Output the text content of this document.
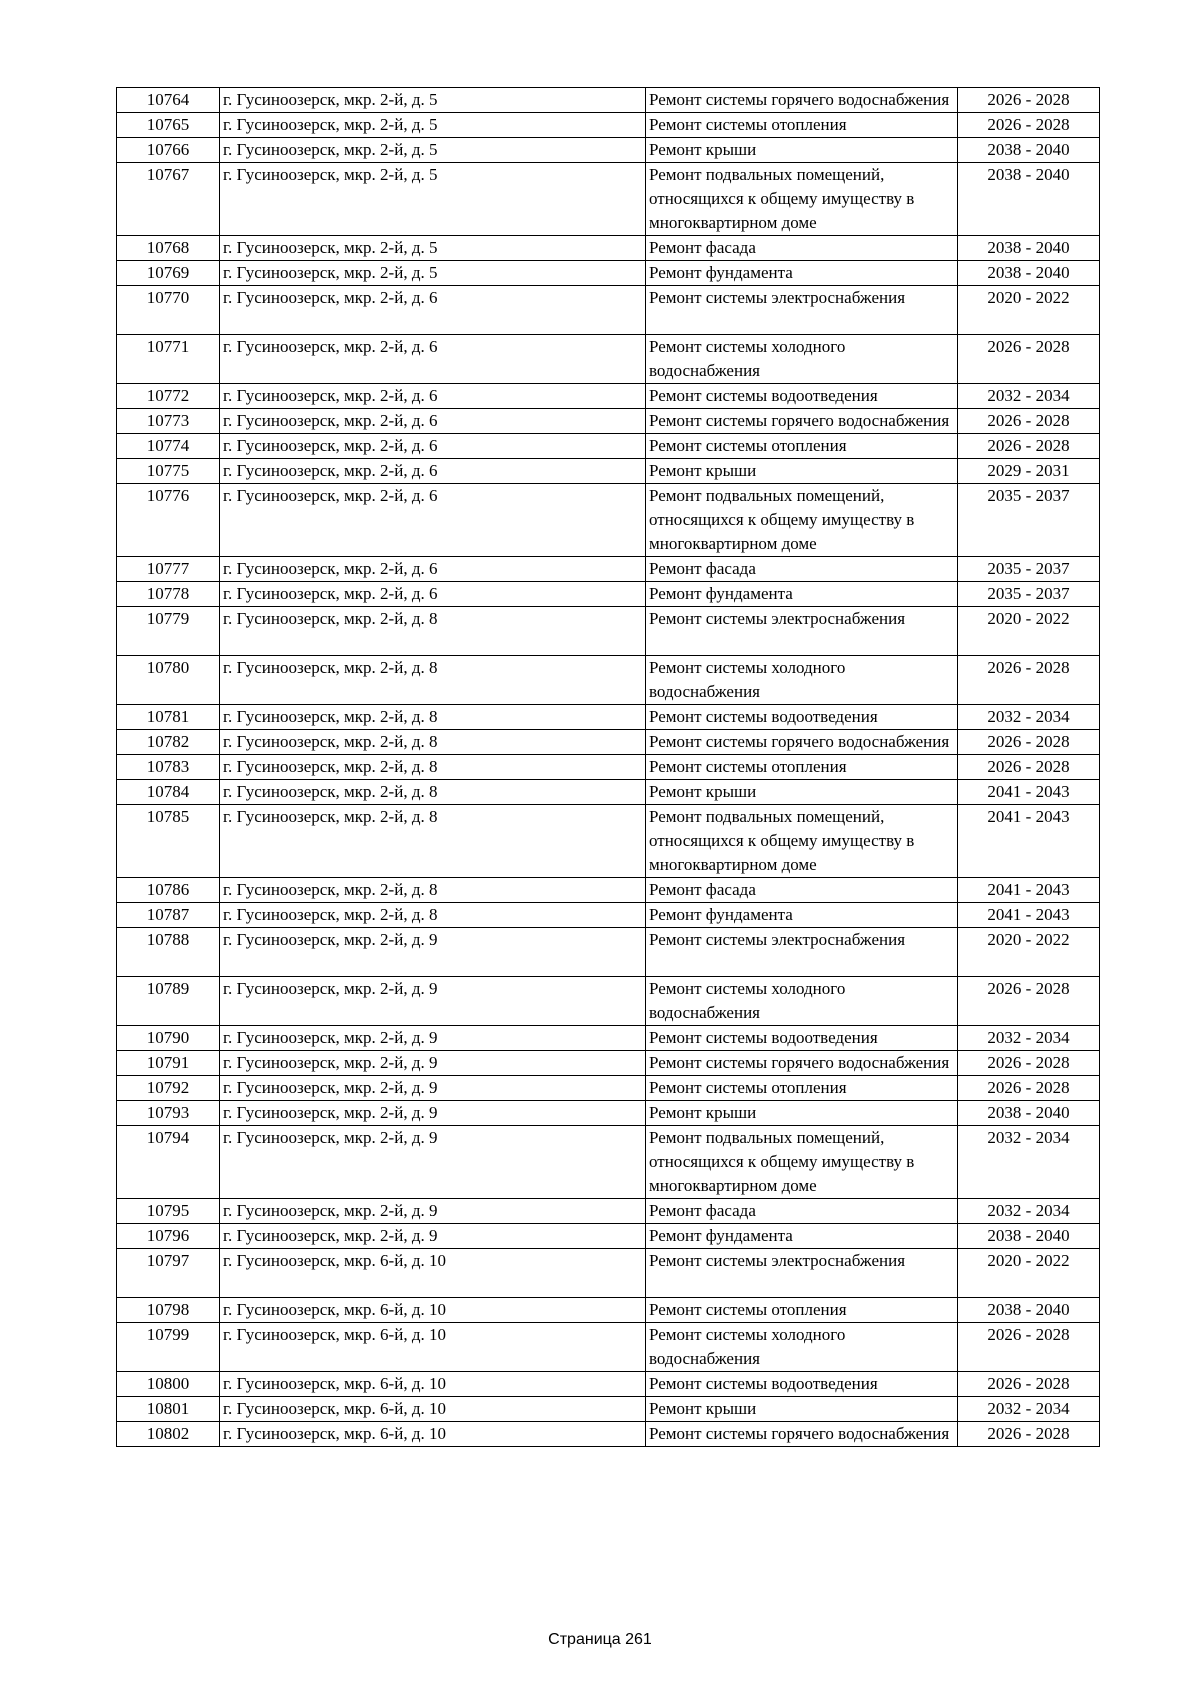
10764	г. Гусиноозерск, мкр. 2-й, д. 5	Ремонт системы горячего водоснабжения	2026 - 2028
10765	г. Гусиноозерск, мкр. 2-й, д. 5	Ремонт системы отопления	2026 - 2028
10766	г. Гусиноозерск, мкр. 2-й, д. 5	Ремонт крыши	2038 - 2040
10767	г. Гусиноозерск, мкр. 2-й, д. 5	Ремонт подвальных помещений, относящихся к общему имуществу в многоквартирном доме	2038 - 2040
10768	г. Гусиноозерск, мкр. 2-й, д. 5	Ремонт фасада	2038 - 2040
10769	г. Гусиноозерск, мкр. 2-й, д. 5	Ремонт фундамента	2038 - 2040
10770	г. Гусиноозерск, мкр. 2-й, д. 6	Ремонт системы электроснабжения	2020 - 2022
10771	г. Гусиноозерск, мкр. 2-й, д. 6	Ремонт системы холодного водоснабжения	2026 - 2028
10772	г. Гусиноозерск, мкр. 2-й, д. 6	Ремонт системы водоотведения	2032 - 2034
10773	г. Гусиноозерск, мкр. 2-й, д. 6	Ремонт системы горячего водоснабжения	2026 - 2028
10774	г. Гусиноозерск, мкр. 2-й, д. 6	Ремонт системы отопления	2026 - 2028
10775	г. Гусиноозерск, мкр. 2-й, д. 6	Ремонт крыши	2029 - 2031
10776	г. Гусиноозерск, мкр. 2-й, д. 6	Ремонт подвальных помещений, относящихся к общему имуществу в многоквартирном доме	2035 - 2037
10777	г. Гусиноозерск, мкр. 2-й, д. 6	Ремонт фасада	2035 - 2037
10778	г. Гусиноозерск, мкр. 2-й, д. 6	Ремонт фундамента	2035 - 2037
10779	г. Гусиноозерск, мкр. 2-й, д. 8	Ремонт системы электроснабжения	2020 - 2022
10780	г. Гусиноозерск, мкр. 2-й, д. 8	Ремонт системы холодного водоснабжения	2026 - 2028
10781	г. Гусиноозерск, мкр. 2-й, д. 8	Ремонт системы водоотведения	2032 - 2034
10782	г. Гусиноозерск, мкр. 2-й, д. 8	Ремонт системы горячего водоснабжения	2026 - 2028
10783	г. Гусиноозерск, мкр. 2-й, д. 8	Ремонт системы отопления	2026 - 2028
10784	г. Гусиноозерск, мкр. 2-й, д. 8	Ремонт крыши	2041 - 2043
10785	г. Гусиноозерск, мкр. 2-й, д. 8	Ремонт подвальных помещений, относящихся к общему имуществу в многоквартирном доме	2041 - 2043
10786	г. Гусиноозерск, мкр. 2-й, д. 8	Ремонт фасада	2041 - 2043
10787	г. Гусиноозерск, мкр. 2-й, д. 8	Ремонт фундамента	2041 - 2043
10788	г. Гусиноозерск, мкр. 2-й, д. 9	Ремонт системы электроснабжения	2020 - 2022
10789	г. Гусиноозерск, мкр. 2-й, д. 9	Ремонт системы холодного водоснабжения	2026 - 2028
10790	г. Гусиноозерск, мкр. 2-й, д. 9	Ремонт системы водоотведения	2032 - 2034
10791	г. Гусиноозерск, мкр. 2-й, д. 9	Ремонт системы горячего водоснабжения	2026 - 2028
10792	г. Гусиноозерск, мкр. 2-й, д. 9	Ремонт системы отопления	2026 - 2028
10793	г. Гусиноозерск, мкр. 2-й, д. 9	Ремонт крыши	2038 - 2040
10794	г. Гусиноозерск, мкр. 2-й, д. 9	Ремонт подвальных помещений, относящихся к общему имуществу в многоквартирном доме	2032 - 2034
10795	г. Гусиноозерск, мкр. 2-й, д. 9	Ремонт фасада	2032 - 2034
10796	г. Гусиноозерск, мкр. 2-й, д. 9	Ремонт фундамента	2038 - 2040
10797	г. Гусиноозерск, мкр. 6-й, д. 10	Ремонт системы электроснабжения	2020 - 2022
10798	г. Гусиноозерск, мкр. 6-й, д. 10	Ремонт системы отопления	2038 - 2040
10799	г. Гусиноозерск, мкр. 6-й, д. 10	Ремонт системы холодного водоснабжения	2026 - 2028
10800	г. Гусиноозерск, мкр. 6-й, д. 10	Ремонт системы водоотведения	2026 - 2028
10801	г. Гусиноозерск, мкр. 6-й, д. 10	Ремонт крыши	2032 - 2034
10802	г. Гусиноозерск, мкр. 6-й, д. 10	Ремонт системы горячего водоснабжения	2026 - 2028
Страница 261
